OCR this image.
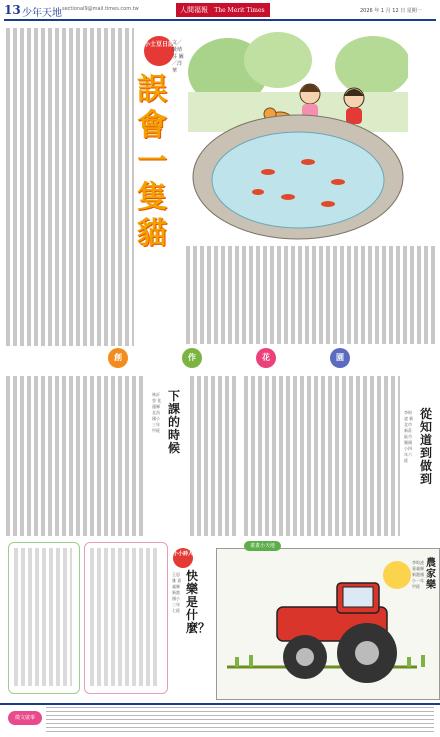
13 少年天地 sectional9@mail.times.com.tw	人間福報 The Merit Times	2026 年 1 月 12 日 星期一
小士豆日記
誤會一隻貓
文／黃靖芬 圖／洋華
創	作	花	園
從知道到做到
李昀凌 新北市新莊區丹鳳國小四年六班
下課的時候
林沂瑩 花蓮縣北昌國小三年甲班
小小詩人
快樂是什麼？
王思雅 嘉義縣新港國小三年七班
畫畫小天地
農家樂
李昀凌 嘉義縣新港國小一年甲班
徵文啟事
